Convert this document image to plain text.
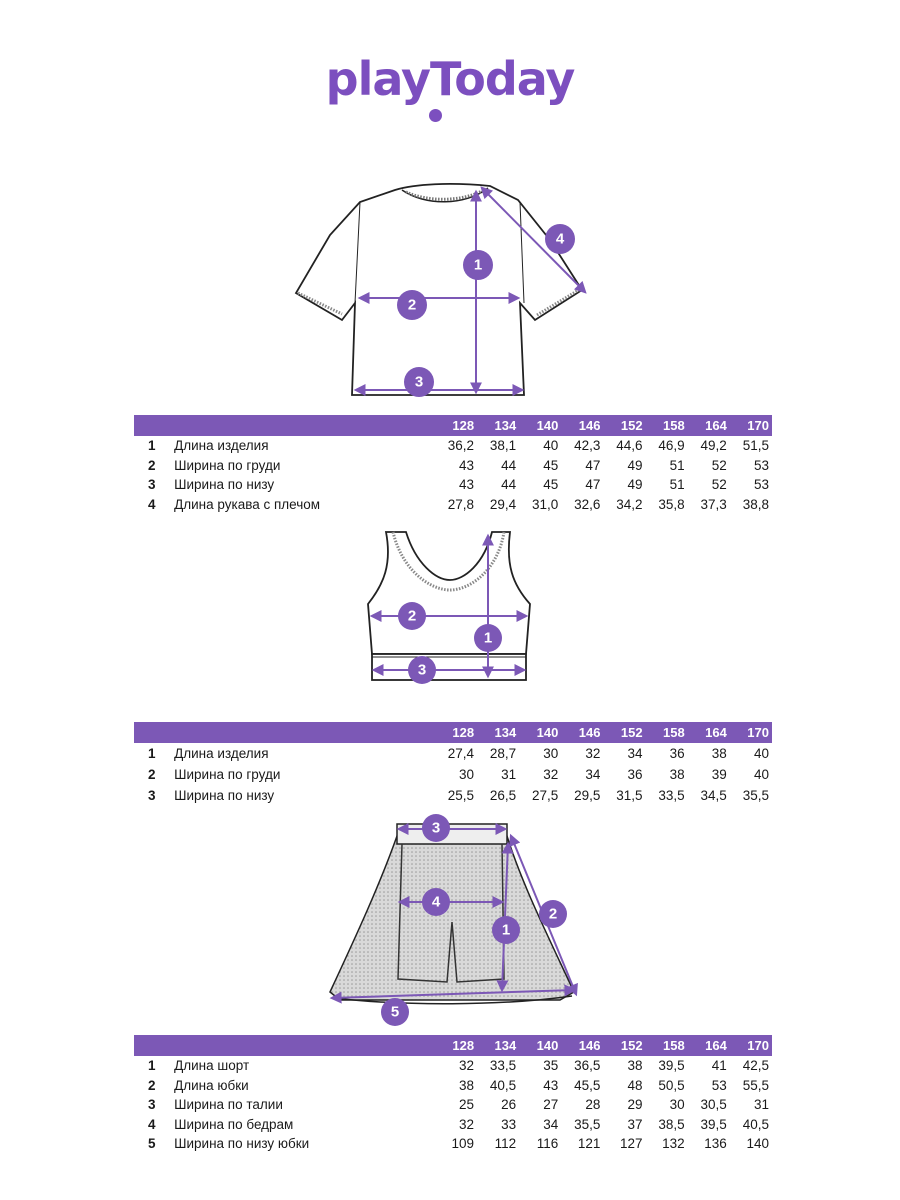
playToday
1
2
3
4
		128	134	140	146	152	158	164	170
1	Длина изделия	36,2	38,1	40	42,3	44,6	46,9	49,2	51,5
2	Ширина по груди	43	44	45	47	49	51	52	53
3	Ширина по низу	43	44	45	47	49	51	52	53
4	Длина рукава с плечом	27,8	29,4	31,0	32,6	34,2	35,8	37,3	38,8
1
2
3
		128	134	140	146	152	158	164	170
1	Длина изделия	27,4	28,7	30	32	34	36	38	40
2	Ширина по груди	30	31	32	34	36	38	39	40
3	Ширина по низу	25,5	26,5	27,5	29,5	31,5	33,5	34,5	35,5
1
2
3
4
5
		128	134	140	146	152	158	164	170
1	Длина шорт	32	33,5	35	36,5	38	39,5	41	42,5
2	Длина юбки	38	40,5	43	45,5	48	50,5	53	55,5
3	Ширина по талии	25	26	27	28	29	30	30,5	31
4	Ширина по бедрам	32	33	34	35,5	37	38,5	39,5	40,5
5	Ширина по низу юбки	109	112	116	121	127	132	136	140
